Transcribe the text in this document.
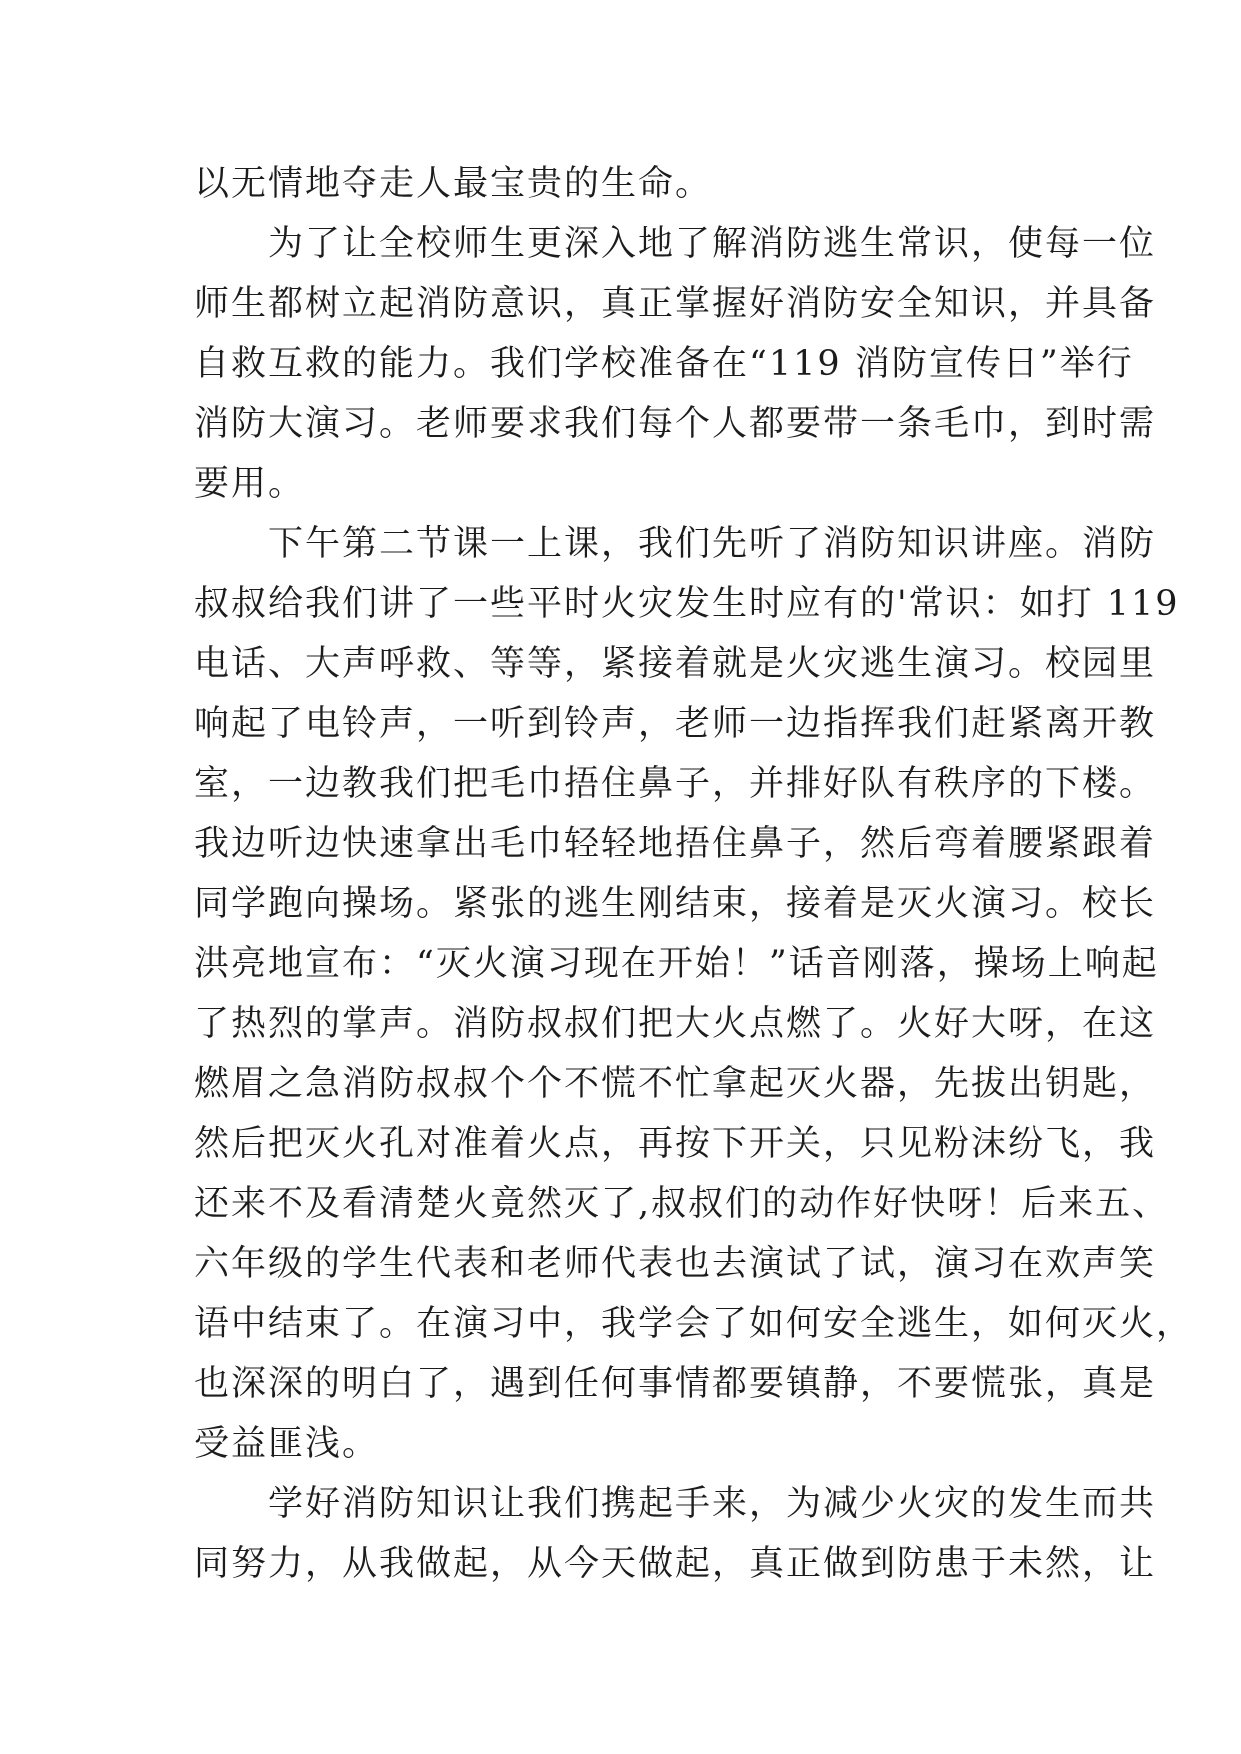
以无情地夺走人最宝贵的生命。
　　为了让全校师生更深入地了解消防逃生常识，使每一位
师生都树立起消防意识，真正掌握好消防安全知识，并具备
自救互救的能力。我们学校准备在“119 消防宣传日”举行
消防大演习。老师要求我们每个人都要带一条毛巾，到时需
要用。
　　下午第二节课一上课，我们先听了消防知识讲座。消防
叔叔给我们讲了一些平时火灾发生时应有的'常识：如打 119
电话、大声呼救、等等，紧接着就是火灾逃生演习。校园里
响起了电铃声，一听到铃声，老师一边指挥我们赶紧离开教
室，一边教我们把毛巾捂住鼻子，并排好队有秩序的下楼。
我边听边快速拿出毛巾轻轻地捂住鼻子，然后弯着腰紧跟着
同学跑向操场。紧张的逃生刚结束，接着是灭火演习。校长
洪亮地宣布：“灭火演习现在开始！”话音刚落，操场上响起
了热烈的掌声。消防叔叔们把大火点燃了。火好大呀，在这
燃眉之急消防叔叔个个不慌不忙拿起灭火器，先拔出钥匙，
然后把灭火孔对准着火点，再按下开关，只见粉沫纷飞，我
还来不及看清楚火竟然灭了,叔叔们的动作好快呀！后来五、
六年级的学生代表和老师代表也去演试了试，演习在欢声笑
语中结束了。在演习中，我学会了如何安全逃生，如何灭火，
也深深的明白了，遇到任何事情都要镇静，不要慌张，真是
受益匪浅。
　　学好消防知识让我们携起手来，为减少火灾的发生而共
同努力，从我做起，从今天做起，真正做到防患于未然，让
